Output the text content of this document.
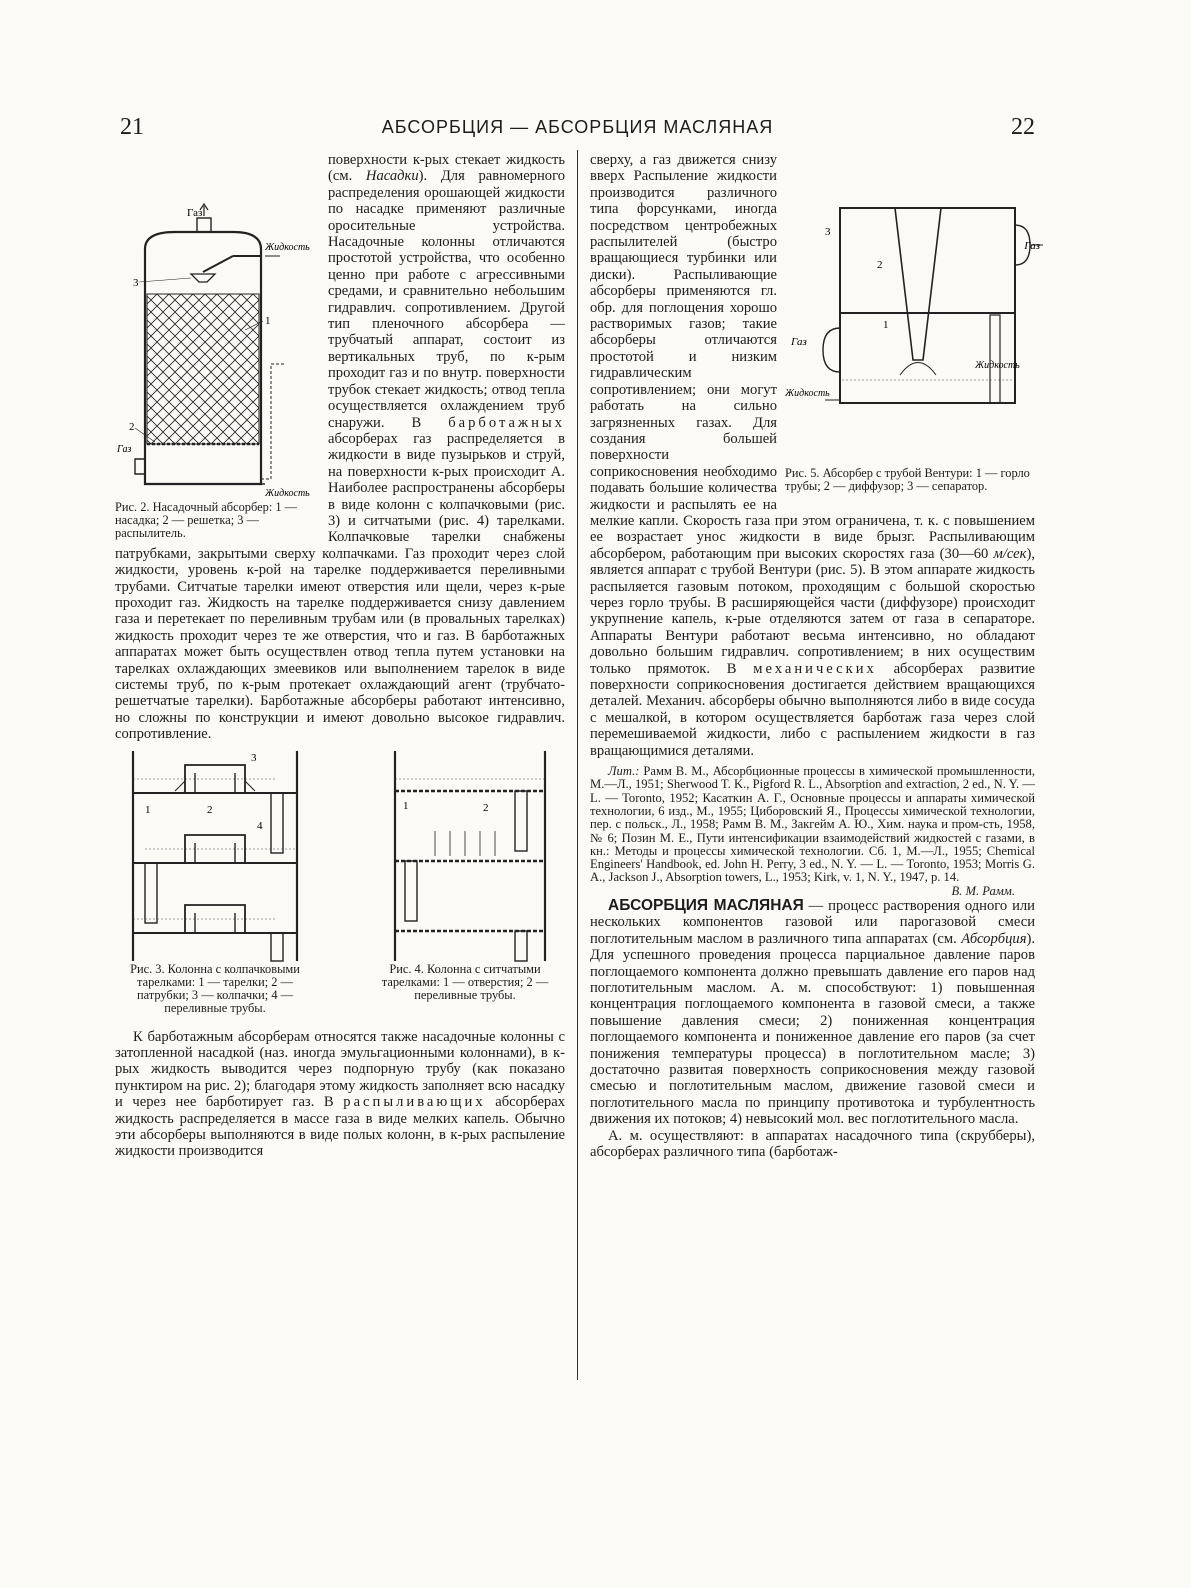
21	АБСОРБЦИЯ — АБСОРБЦИЯ МАСЛЯНАЯ	22
Газ
Жидкость
Газ
Жидкость
3
1
2
Рис. 2. Насадочный абсорбер: 1 — насадка; 2 — решетка; 3 — распылитель.

поверхности к-рых стекает жидкость (см. Насадки). Для равномерного распределения орошающей жидкости по насадке применяют различные оросительные устройства. Насадочные колонны отличаются простотой устройства, что особенно ценно при работе с агрессивными средами, и сравнительно небольшим гидравлич. сопротивлением. Другой тип пленочного абсорбера — трубчатый аппарат, состоит из вертикальных труб, по к-рым проходит газ и по внутр. поверхности трубок стекает жидкость; отвод тепла осуществляется охлаждением труб снаружи. В барботажных абсорберах газ распределяется в жидкости в виде пузырьков и струй, на поверхности к-рых происходит А. Наиболее распространены абсорберы в виде колонн с колпачковыми (рис. 3) и ситчатыми (рис. 4) тарелками. Колпачковые тарелки снабжены патрубками, закрытыми сверху колпачками. Газ проходит через слой жидкости, уровень к-рой на тарелке поддерживается переливными трубами. Ситчатые тарелки имеют отверстия или щели, через к-рые проходит газ. Жидкость на тарелке поддерживается снизу давлением газа и перетекает по переливным трубам или (в провальных тарелках) жидкость проходит через те же отверстия, что и газ. В барботажных аппаратах может быть осуществлен отвод тепла путем установки на тарелках охлаждающих змеевиков или выполнением тарелок в виде системы труб, по к-рым протекает охлаждающий агент (трубчато-решетчатые тарелки). Барботажные абсорберы работают интенсивно, но сложны по конструкции и имеют довольно высокое гидравлич. сопротивление.

3
1	2
4
Рис. 3. Колонна с колпачковыми тарелками: 1 — тарелки; 2 — патрубки; 3 — колпачки; 4 — переливные трубы.
1	2
Рис. 4. Колонна с ситчатыми тарелками: 1 — отверстия; 2 — переливные трубы.

К барботажным абсорберам относятся также насадочные колонны с затопленной насадкой (наз. иногда эмульгационными колоннами), в к-рых жидкость выводится через подпорную трубу (как показано пунктиром на рис. 2); благодаря этому жидкость заполняет всю насадку и через нее барботирует газ. В распыливающих абсорберах жидкость распределяется в массе газа в виде мелких капель. Обычно эти абсорберы выполняются в виде полых колонн, в к-рых распыление жидкости производится

Газ
Газ
Жидкость
Жидкость
3
2
1
Рис. 5. Абсорбер с трубой Вентури: 1 — горло трубы; 2 — диффузор; 3 — сепаратор.

сверху, а газ движется снизу вверх Распыление жидкости производится различного типа форсунками, иногда посредством центробежных распылителей (быстро вращающиеся турбинки или диски). Распыливающие абсорберы применяются гл. обр. для поглощения хорошо растворимых газов; такие абсорберы отличаются простотой и низким гидравлическим сопротивлением; они могут работать на сильно загрязненных газах. Для создания большей поверхности соприкосновения необходимо подавать большие количества жидкости и распылять ее на мелкие капли. Скорость газа при этом ограничена, т. к. с повышением ее возрастает унос жидкости в виде брызг. Распыливающим абсорбером, работающим при высоких скоростях газа (30—60 м/сек), является аппарат с трубой Вентури (рис. 5). В этом аппарате жидкость распыляется газовым потоком, проходящим с большой скоростью через горло трубы. В расширяющейся части (диффузоре) происходит укрупнение капель, к-рые отделяются затем от газа в сепараторе. Аппараты Вентури работают весьма интенсивно, но обладают довольно большим гидравлич. сопротивлением; в них осуществим только прямоток. В механических абсорберах развитие поверхности соприкосновения достигается действием вращающихся деталей. Механич. абсорберы обычно выполняются либо в виде сосуда с мешалкой, в котором осуществляется барботаж газа через слой перемешиваемой жидкости, либо с распылением жидкости в газ вращающимися деталями.

Лит.: Рамм В. М., Абсорбционные процессы в химической промышленности, М.—Л., 1951; Sherwood T. K., Pigford R. L., Absorption and extraction, 2 ed., N. Y. — L. — Toronto, 1952; Касаткин А. Г., Основные процессы и аппараты химической технологии, 6 изд., М., 1955; Циборовский Я., Процессы химической технологии, пер. с польск., Л., 1958; Рамм В. М., Закгейм А. Ю., Хим. наука и пром-сть, 1958, № 6; Позин М. Е., Пути интенсификации взаимодействий жидкостей с газами, в кн.: Методы и процессы химической технологии. Сб. 1, М.—Л., 1955; Chemical Engineers' Handbook, ed. John H. Perry, 3 ed., N. Y. — L. — Toronto, 1953; Morris G. A., Jackson J., Absorption towers, L., 1953; Kirk, v. 1, N. Y., 1947, p. 14.
В. М. Рамм.

АБСОРБЦИЯ МАСЛЯНАЯ — процесс растворения одного или нескольких компонентов газовой или парогазовой смеси поглотительным маслом в различного типа аппаратах (см. Абсорбция). Для успешного проведения процесса парциальное давление паров поглощаемого компонента должно превышать давление его паров над поглотительным маслом. А. м. способствуют: 1) повышенная концентрация поглощаемого компонента в газовой смеси, а также повышение давления смеси; 2) пониженная концентрация поглощаемого компонента и пониженное давление его паров (за счет понижения температуры процесса) в поглотительном масле; 3) достаточно развитая поверхность соприкосновения между газовой смесью и поглотительным маслом, движение газовой смеси и поглотительного масла по принципу противотока и турбулентность движения их потоков; 4) невысокий мол. вес поглотительного масла.

А. м. осуществляют: в аппаратах насадочного типа (скрубберы), абсорберах различного типа (барботаж-
